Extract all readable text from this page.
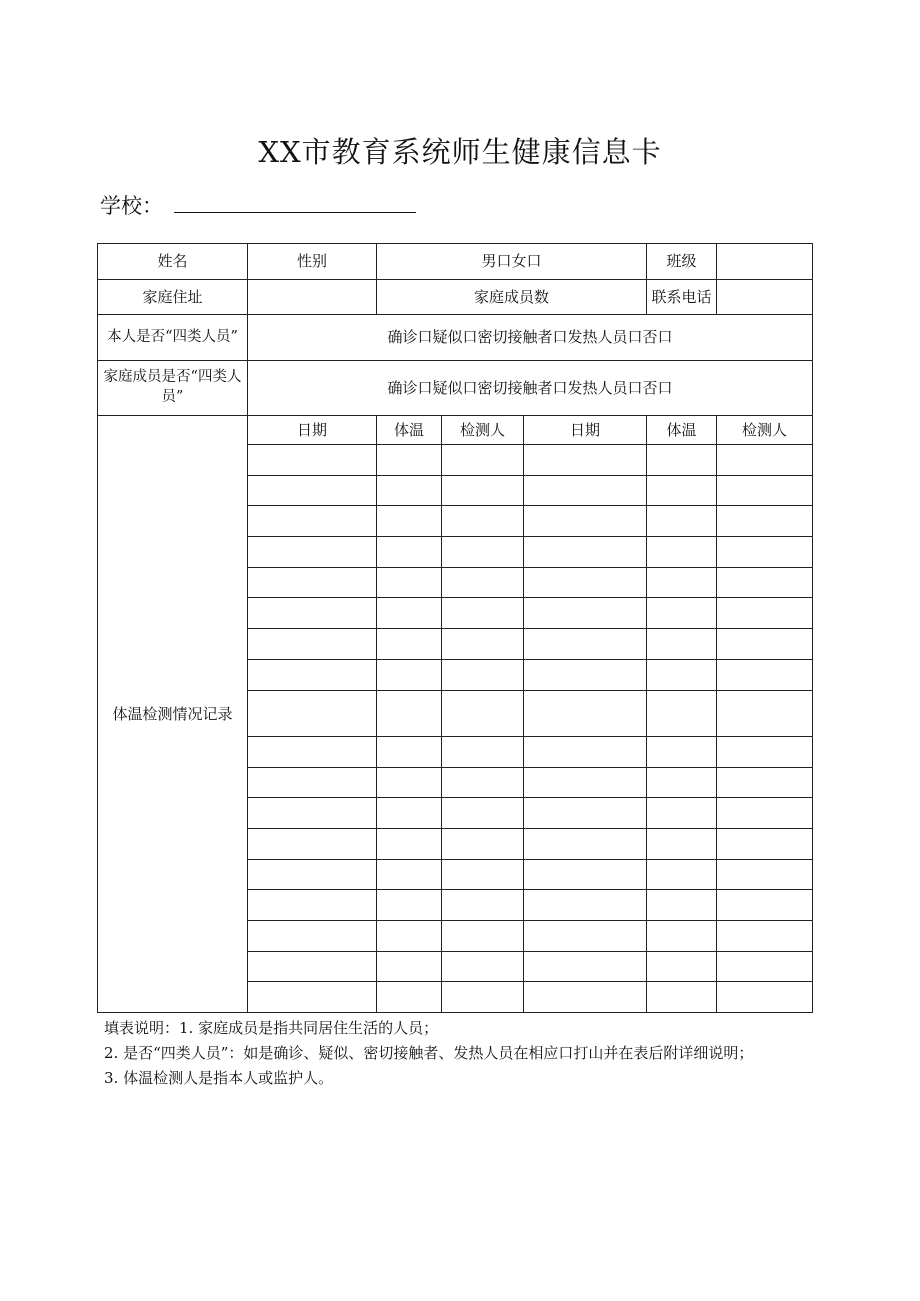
XX市教育系统师生健康信息卡
学校：
姓名	性别	男口女口			班级	
家庭住址		家庭成员数			联系电话	
本人是否“四类人员”	确诊口疑似口密切接触者口发热人员口否口					
家庭成员是否“四类人员”	确诊口疑似口密切接触者口发热人员口否口					
体温检测情况记录	日期	体温	检测人	日期	体温	检测人

填表说明：1. 家庭成员是指共同居住生活的人员；

2. 是否“四类人员”：如是确诊、疑似、密切接触者、发热人员在相应口打山并在表后附详细说明；

3. 体温检测人是指本人或监护人。
